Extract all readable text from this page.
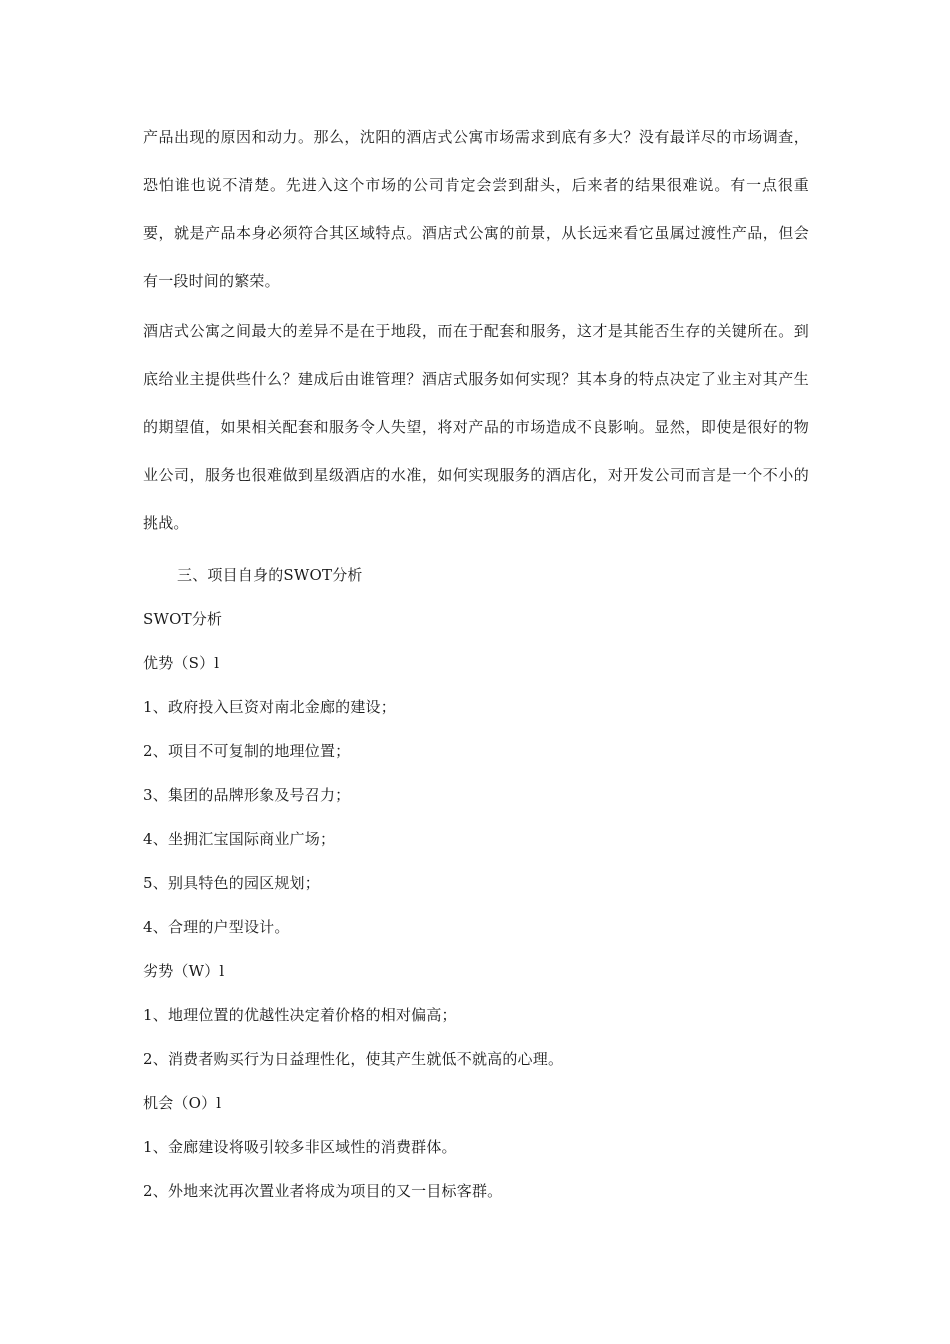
产品出现的原因和动力。那么，沈阳的酒店式公寓市场需求到底有多大？没有最详尽的市场调查，恐怕谁也说不清楚。先进入这个市场的公司肯定会尝到甜头，后来者的结果很难说。有一点很重要，就是产品本身必须符合其区域特点。酒店式公寓的前景，从长远来看它虽属过渡性产品，但会有一段时间的繁荣。

酒店式公寓之间最大的差异不是在于地段，而在于配套和服务，这才是其能否生存的关键所在。到底给业主提供些什么？建成后由谁管理？酒店式服务如何实现？其本身的特点决定了业主对其产生的期望值，如果相关配套和服务令人失望，将对产品的市场造成不良影响。显然，即使是很好的物业公司，服务也很难做到星级酒店的水准，如何实现服务的酒店化，对开发公司而言是一个不小的挑战。

三、项目自身的SWOT分析

SWOT分析

优势（S）l

1、政府投入巨资对南北金廊的建设；

2、项目不可复制的地理位置；

3、集团的品牌形象及号召力；

4、坐拥汇宝国际商业广场；

5、别具特色的园区规划；

4、合理的户型设计。

劣势（W）l

1、地理位置的优越性决定着价格的相对偏高；

2、消费者购买行为日益理性化，使其产生就低不就高的心理。

机会（O）l

1、金廊建设将吸引较多非区域性的消费群体。

2、外地来沈再次置业者将成为项目的又一目标客群。
